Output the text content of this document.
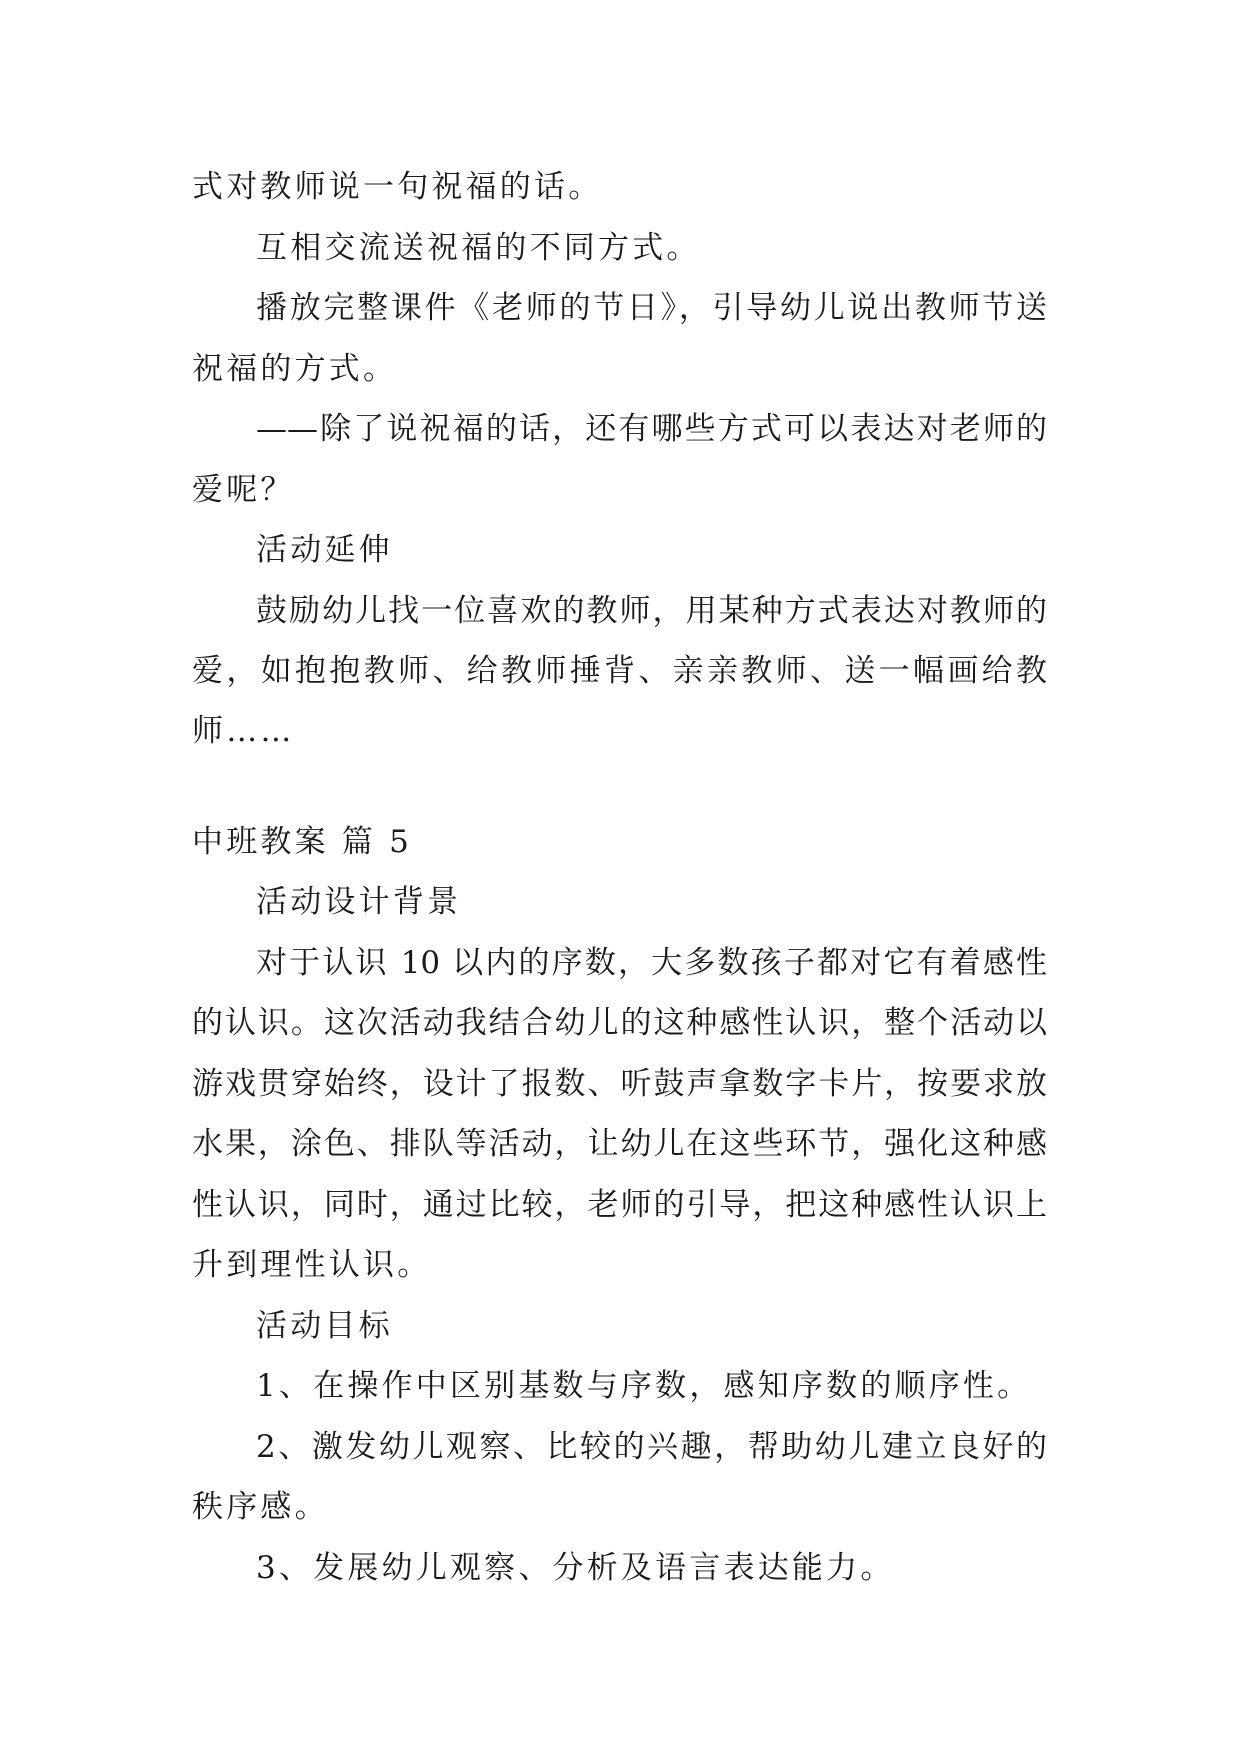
式对教师说一句祝福的话。
互相交流送祝福的不同方式。
播放完整课件《老师的节日》，引导幼儿说出教师节送
祝福的方式。
——除了说祝福的话，还有哪些方式可以表达对老师的
爱呢？
活动延伸
鼓励幼儿找一位喜欢的教师，用某种方式表达对教师的
爱，如抱抱教师、给教师捶背、亲亲教师、送一幅画给教
师……
中班教案 篇 5
活动设计背景
对于认识 10 以内的序数，大多数孩子都对它有着感性
的认识。这次活动我结合幼儿的这种感性认识，整个活动以
游戏贯穿始终，设计了报数、听鼓声拿数字卡片，按要求放
水果，涂色、排队等活动，让幼儿在这些环节，强化这种感
性认识，同时，通过比较，老师的引导，把这种感性认识上
升到理性认识。
活动目标
1、在操作中区别基数与序数，感知序数的顺序性。
2、激发幼儿观察、比较的兴趣，帮助幼儿建立良好的
秩序感。
3、发展幼儿观察、分析及语言表达能力。
